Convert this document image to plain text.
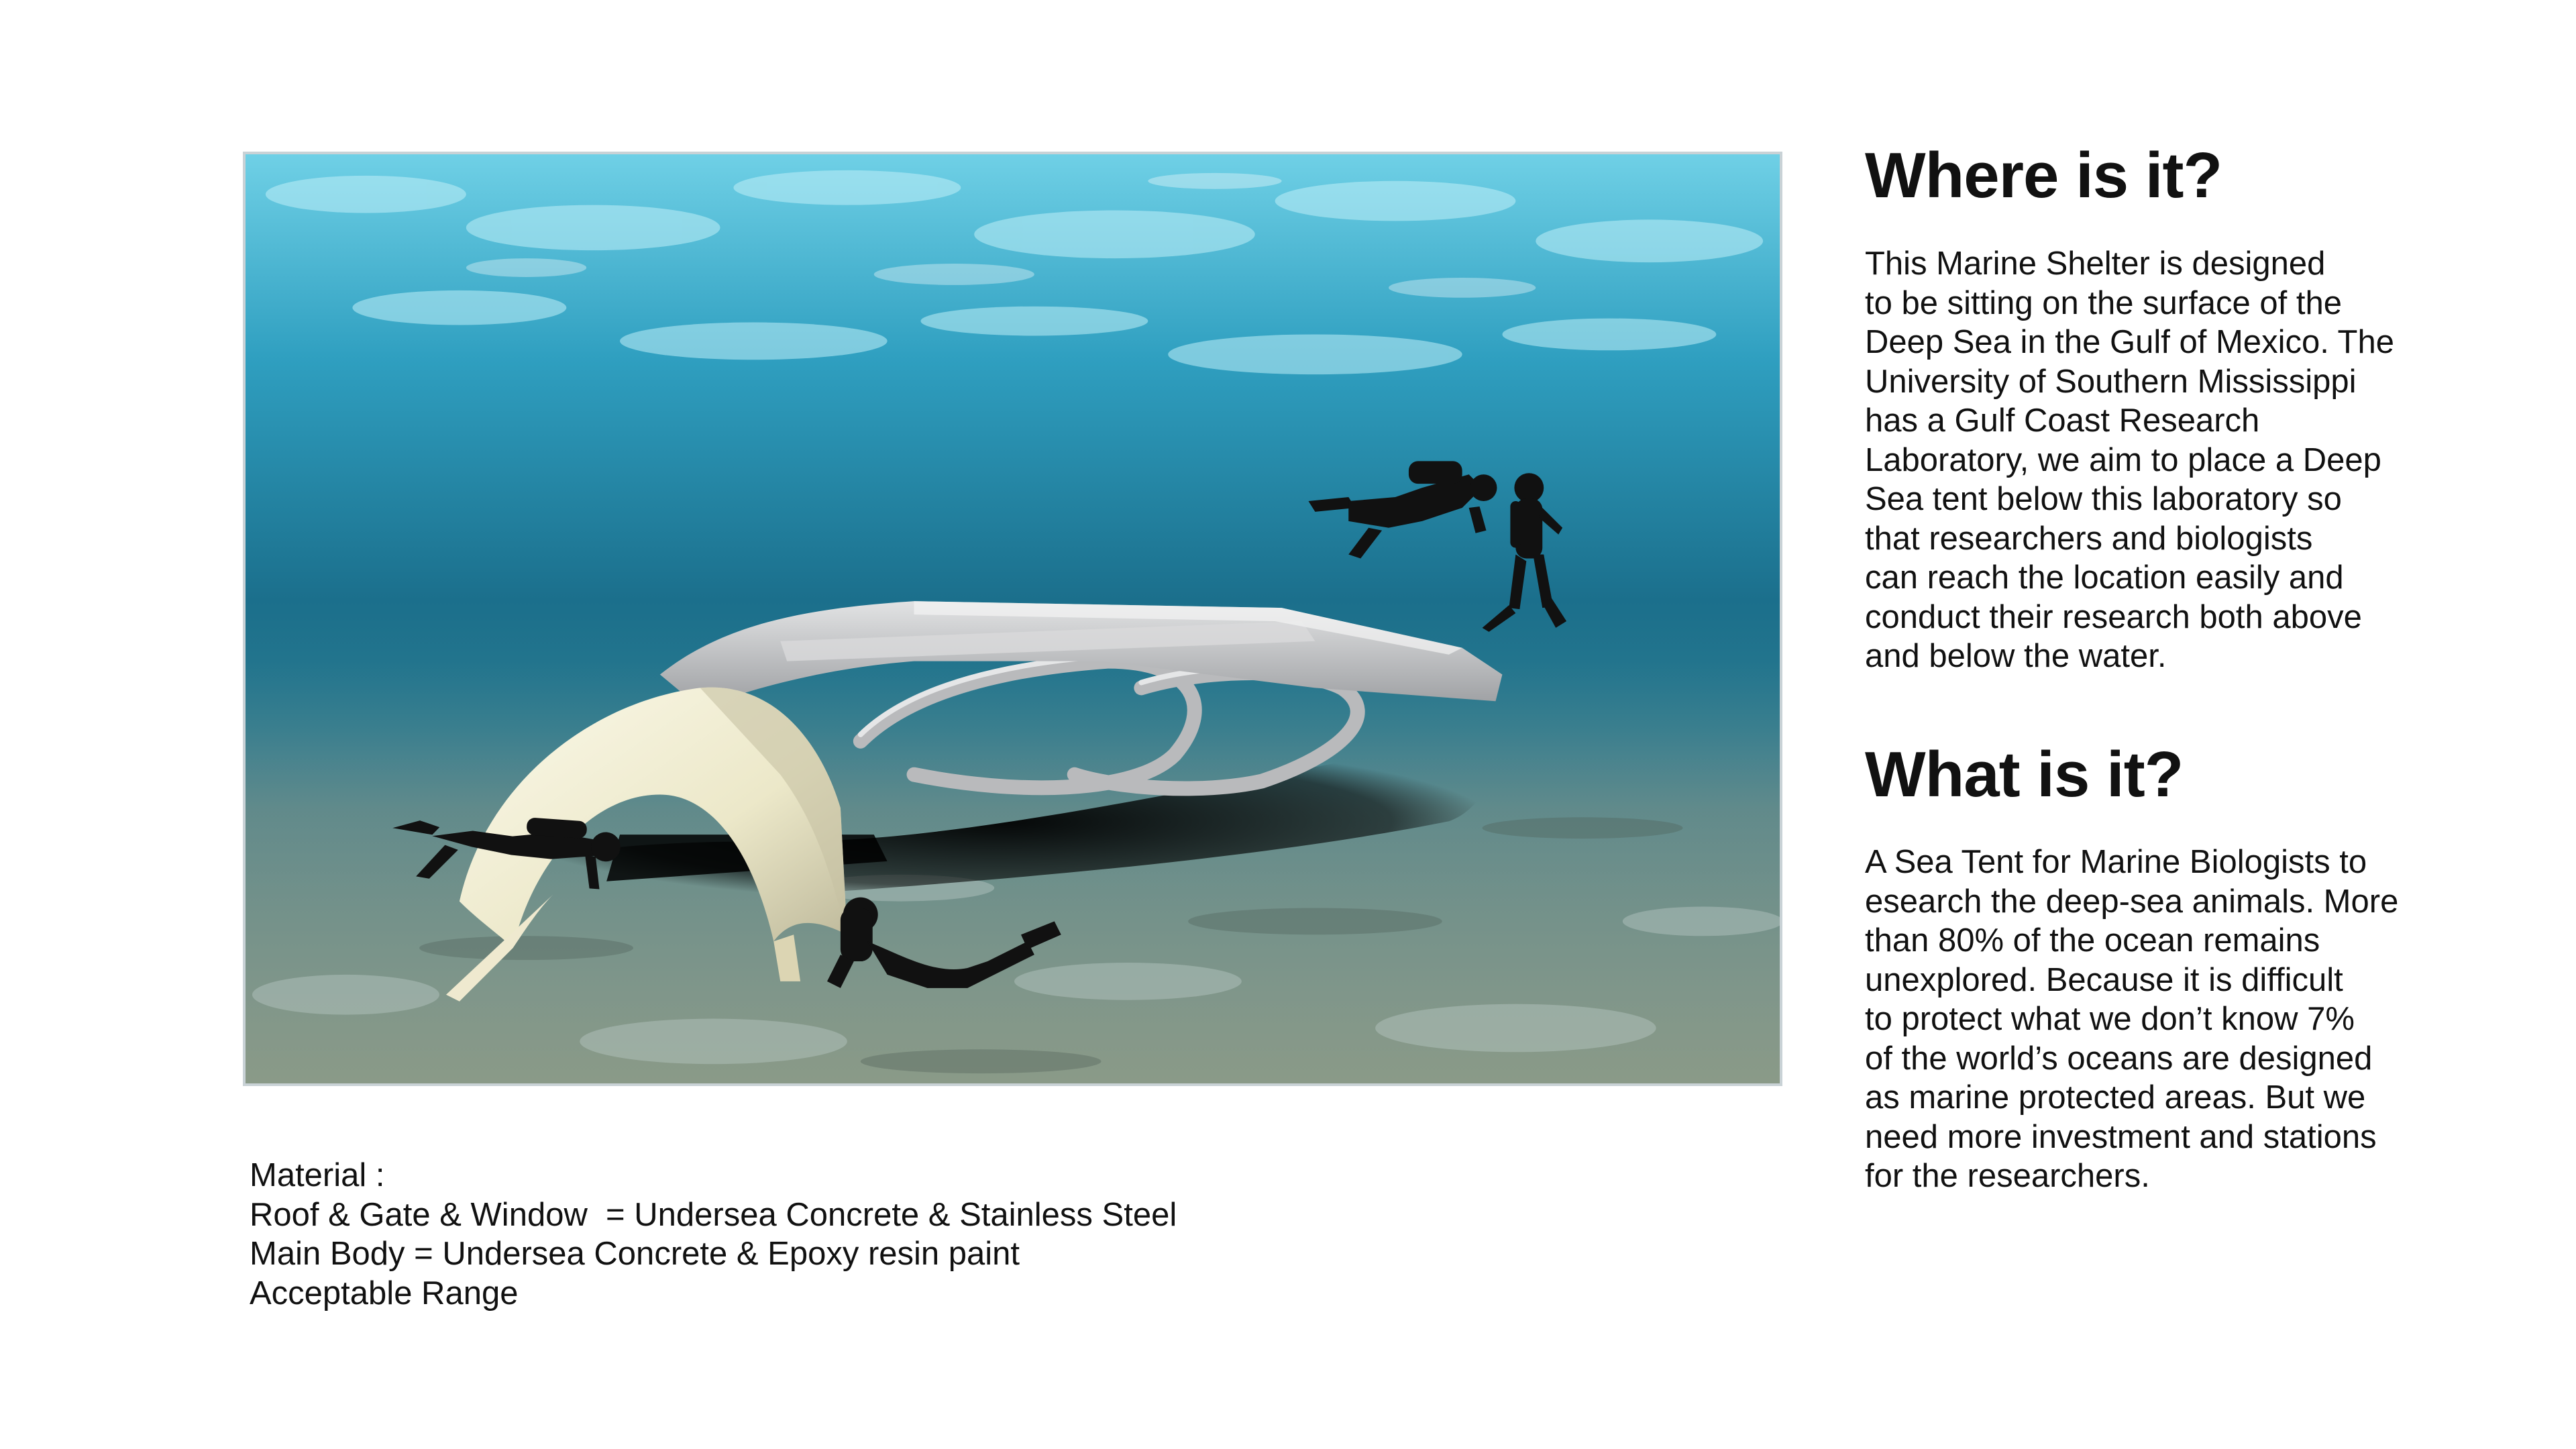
Where is it?

This Marine Shelter is designed
to be sitting on the surface of the
Deep Sea in the Gulf of Mexico. The
University of Southern Mississippi
has a Gulf Coast Research
Laboratory, we aim to place a Deep
Sea tent below this laboratory so
that researchers and biologists
can reach the location easily and
conduct their research both above
and below the water.

What is it?

A Sea Tent for Marine Biologists to
esearch the deep-sea animals. More
than 80% of the ocean remains
unexplored. Because it is difficult
to protect what we don’t know 7%
of the world’s oceans are designed
as marine protected areas. But we
need more investment and stations
for the researchers.

Material :
Roof & Gate & Window  = Undersea Concrete & Stainless Steel
Main Body = Undersea Concrete & Epoxy resin paint
Acceptable Range
